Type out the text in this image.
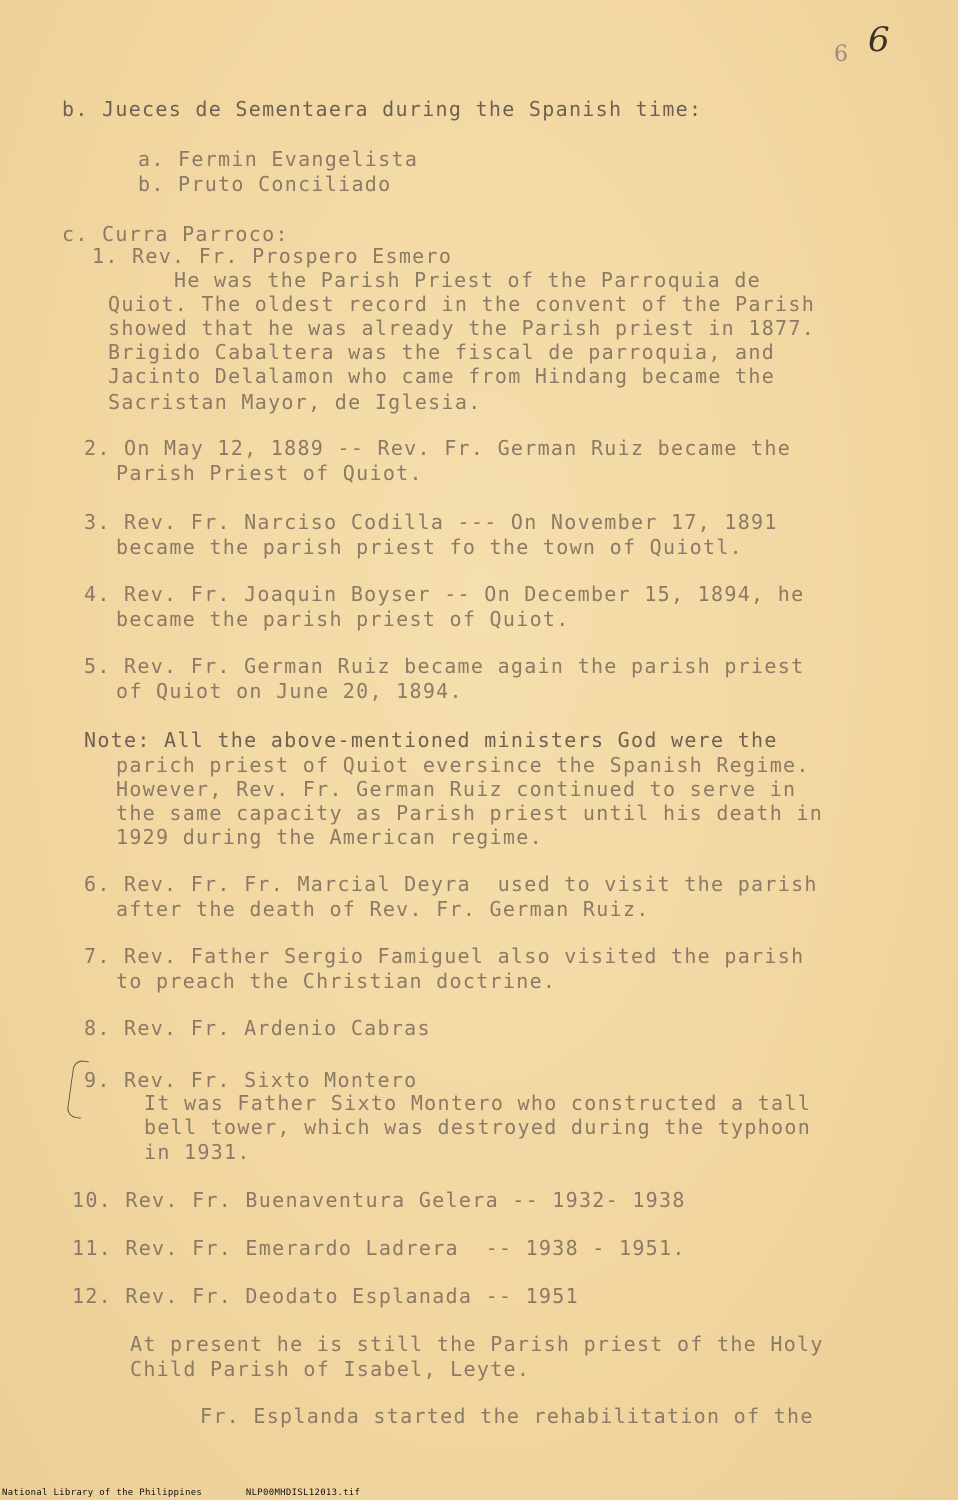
6 6
b. Jueces de Sementaera during the Spanish time:
a. Fermin Evangelista
b. Pruto Conciliado
c. Curra Parroco:
1. Rev. Fr. Prospero Esmero
He was the Parish Priest of the Parroquia de
Quiot. The oldest record in the convent of the Parish
showed that he was already the Parish priest in 1877.
Brigido Cabaltera was the fiscal de parroquia, and
Jacinto Delalamon who came from Hindang became the
Sacristan Mayor, de Iglesia.
2. On May 12, 1889 -- Rev. Fr. German Ruiz became the
Parish Priest of Quiot.
3. Rev. Fr. Narciso Codilla --- On November 17, 1891
became the parish priest fo the town of Quiotl.
4. Rev. Fr. Joaquin Boyser -- On December 15, 1894, he
became the parish priest of Quiot.
5. Rev. Fr. German Ruiz became again the parish priest
of Quiot on June 20, 1894.
Note: All the above-mentioned ministers God were the
parich priest of Quiot eversince the Spanish Regime.
However, Rev. Fr. German Ruiz continued to serve in
the same capacity as Parish priest until his death in
1929 during the American regime.
6. Rev. Fr. Fr. Marcial Deyra  used to visit the parish
after the death of Rev. Fr. German Ruiz.
7. Rev. Father Sergio Famiguel also visited the parish
to preach the Christian doctrine.
8. Rev. Fr. Ardenio Cabras
9. Rev. Fr. Sixto Montero
It was Father Sixto Montero who constructed a tall
bell tower, which was destroyed during the typhoon
in 1931.
10. Rev. Fr. Buenaventura Gelera -- 1932- 1938
11. Rev. Fr. Emerardo Ladrera  -- 1938 - 1951.
12. Rev. Fr. Deodato Esplanada -- 1951
At present he is still the Parish priest of the Holy
Child Parish of Isabel, Leyte.
Fr. Esplanda started the rehabilitation of the
National Library of the Philippines	NLP00MHDISL12013.tif
